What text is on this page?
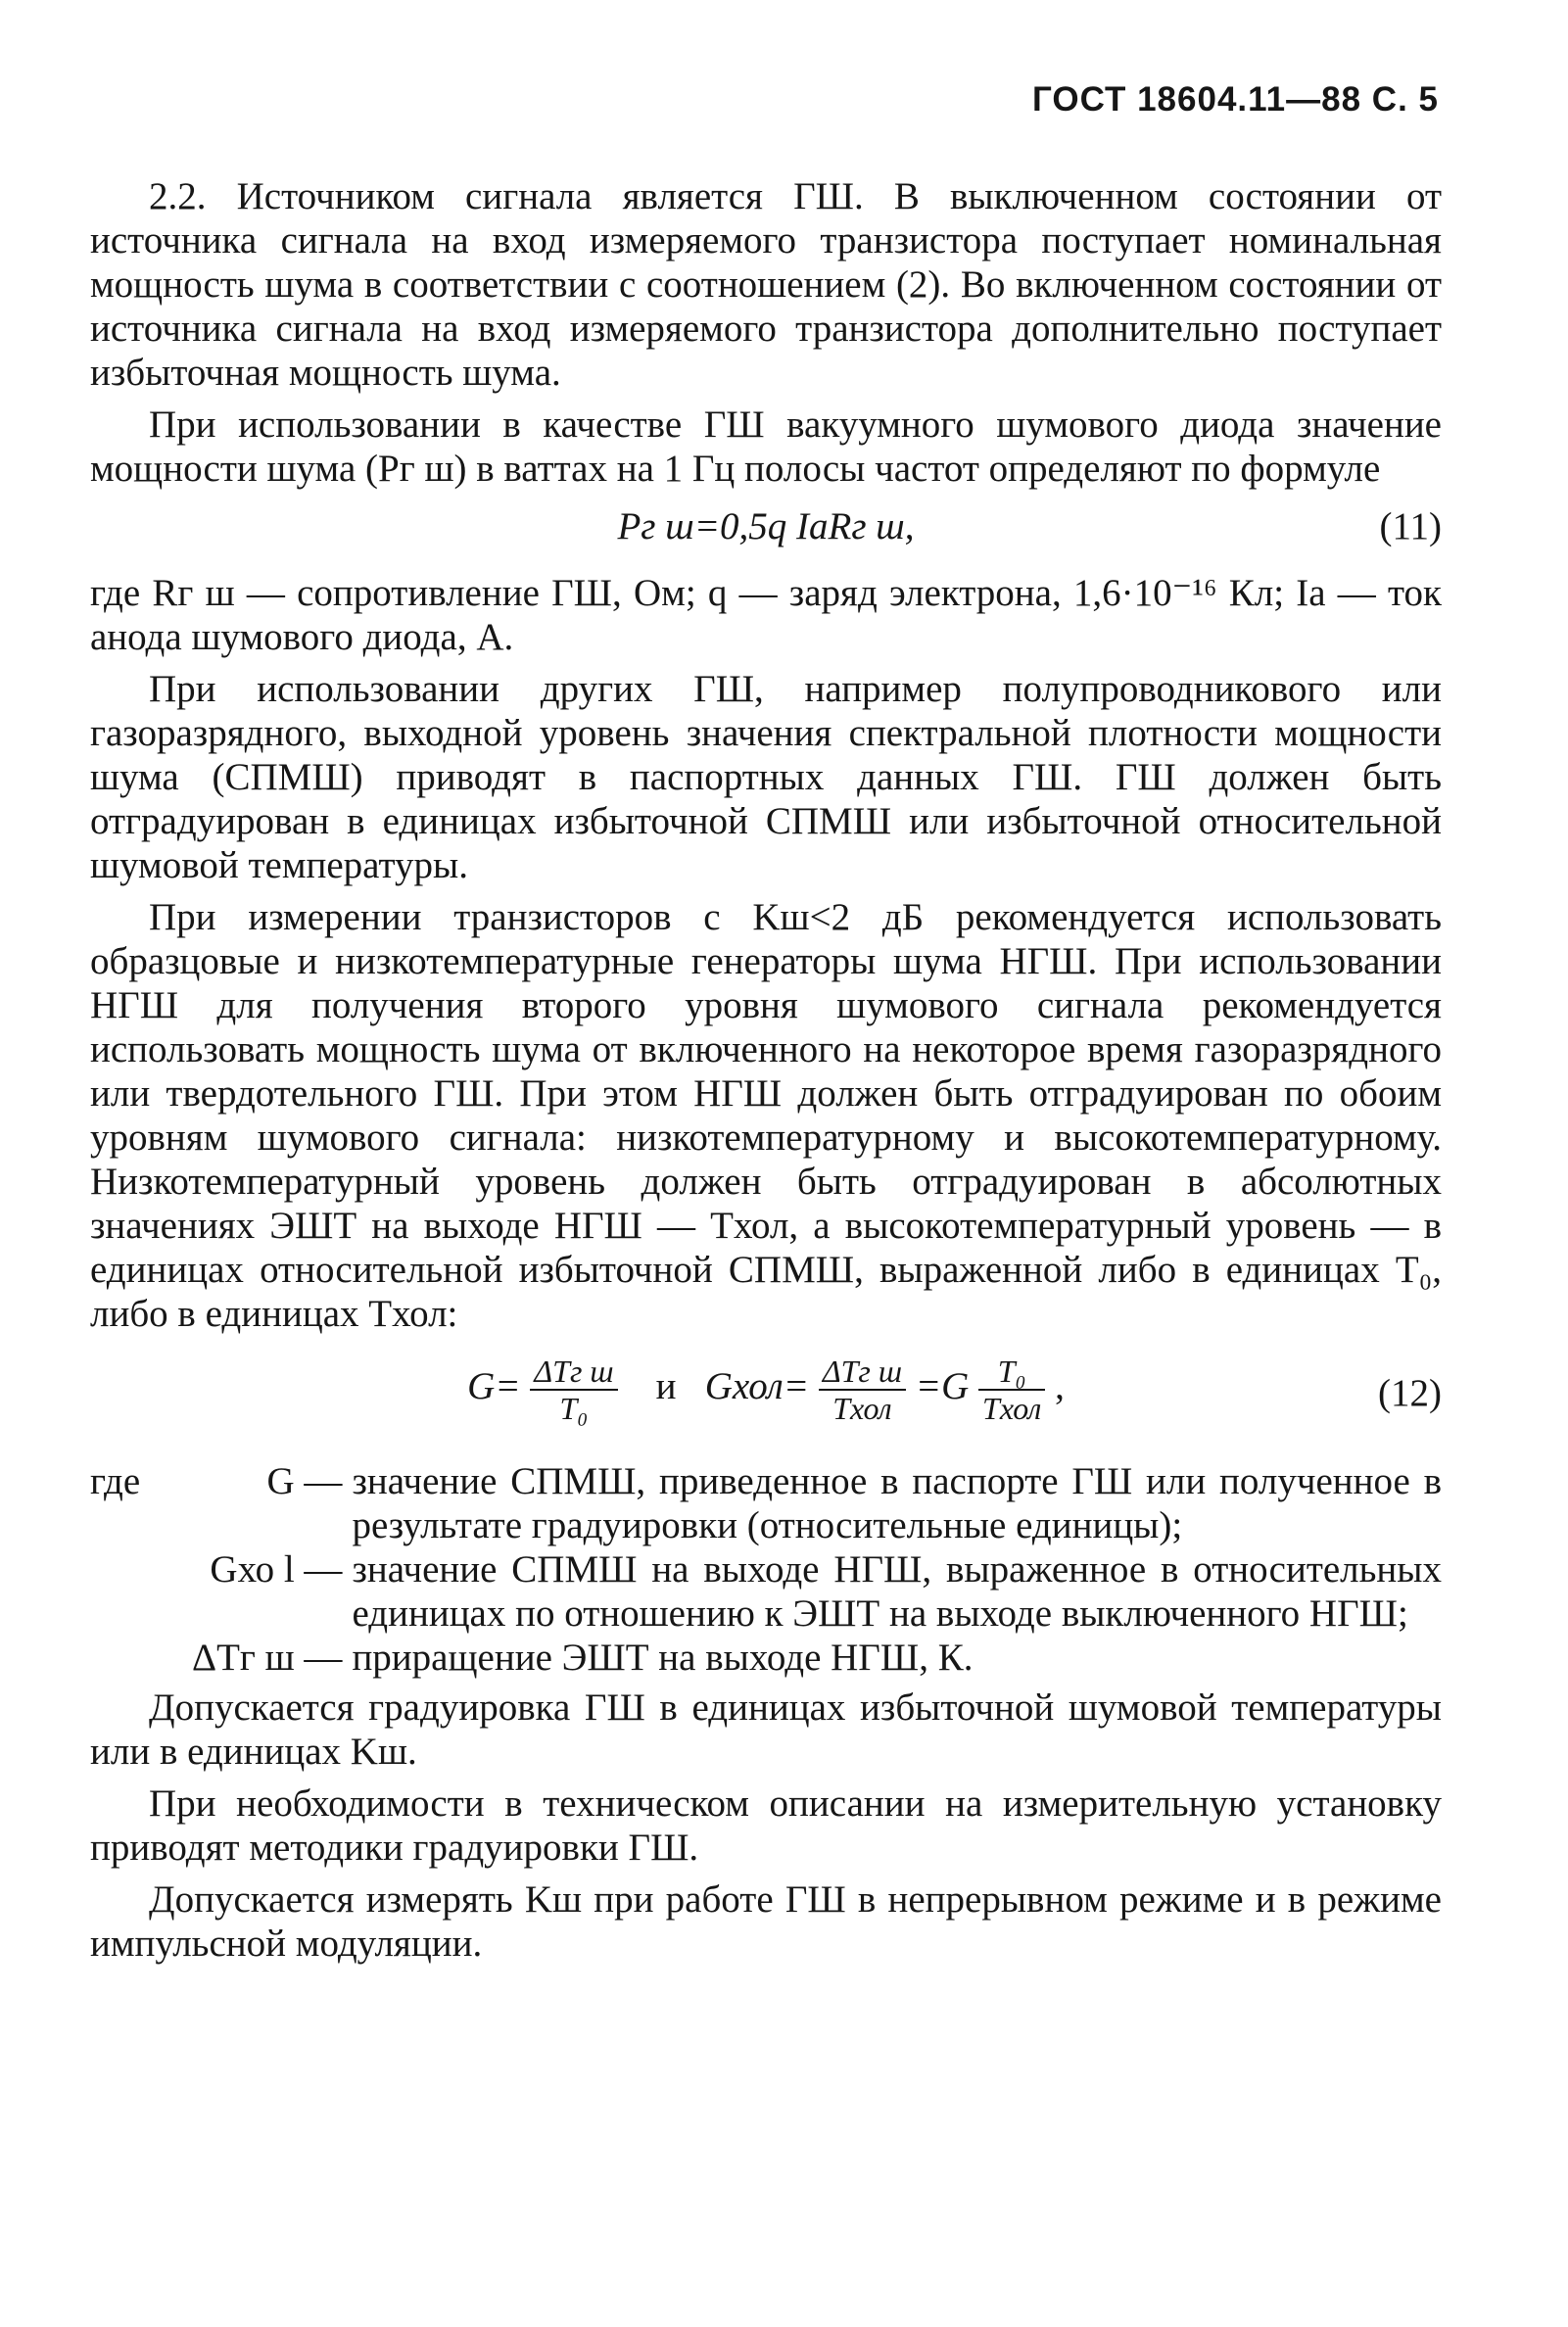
ГОСТ 18604.11—88 С. 5

2.2. Источником сигнала является ГШ. В выключенном состоянии от источника сигнала на вход измеряемого транзистора поступает номинальная мощность шума в соответствии с соотношением (2). Во включенном состоянии от источника сигнала на вход измеряемого транзистора дополнительно поступает избыточная мощность шума.

При использовании в качестве ГШ вакуумного шумового диода значение мощности шума (Pг ш) в ваттах на 1 Гц полосы частот определяют по формуле

Pг ш=0,5q IаRг ш,	(11)

где Rг ш — сопротивление ГШ, Ом; q — заряд электрона, 1,6·10⁻¹⁶ Кл; Iа — ток анода шумового диода, А.

При использовании других ГШ, например полупроводникового или газоразрядного, выходной уровень значения спектральной плотности мощности шума (СПМШ) приводят в паспортных данных ГШ. ГШ должен быть отградуирован в единицах избыточной СПМШ или избыточной относительной шумовой температуры.

При измерении транзисторов с Kш<2 дБ рекомендуется использовать образцовые и низкотемпературные генераторы шума НГШ. При использовании НГШ для получения второго уровня шумового сигнала рекомендуется использовать мощность шума от включенного на некоторое время газоразрядного или твердотельного ГШ. При этом НГШ должен быть отградуирован по обоим уровням шумового сигнала: низкотемпературному и высокотемпературному. Низкотемпературный уровень должен быть отградуирован в абсолютных значениях ЭШТ на выходе НГШ — Tхол, а высокотемпературный уровень — в единицах относительной избыточной СПМШ, выраженной либо в единицах T₀, либо в единицах Tхол:

$G= \frac{\text{ΔTг ш}}{\text{T₀}}$ и Gхол= $\frac{\text{ΔTг ш}}{\text{Tхол}} =G \frac{\text{T₀}}{\text{Tхол}}$ ,	(12)
где	G —	значение СПМШ, приведенное в паспорте ГШ или полученное в результате градуировки (относительные единицы);
	Gхо l —	значение СПМШ на выходе НГШ, выраженное в относительных единицах по отношению к ЭШТ на выходе выключенного НГШ;
	ΔTг ш —	приращение ЭШТ на выходе НГШ, К.

Допускается градуировка ГШ в единицах избыточной шумовой температуры или в единицах Kш.

При необходимости в техническом описании на измерительную установку приводят методики градуировки ГШ.

Допускается измерять Kш при работе ГШ в непрерывном режиме и в режиме импульсной модуляции.
